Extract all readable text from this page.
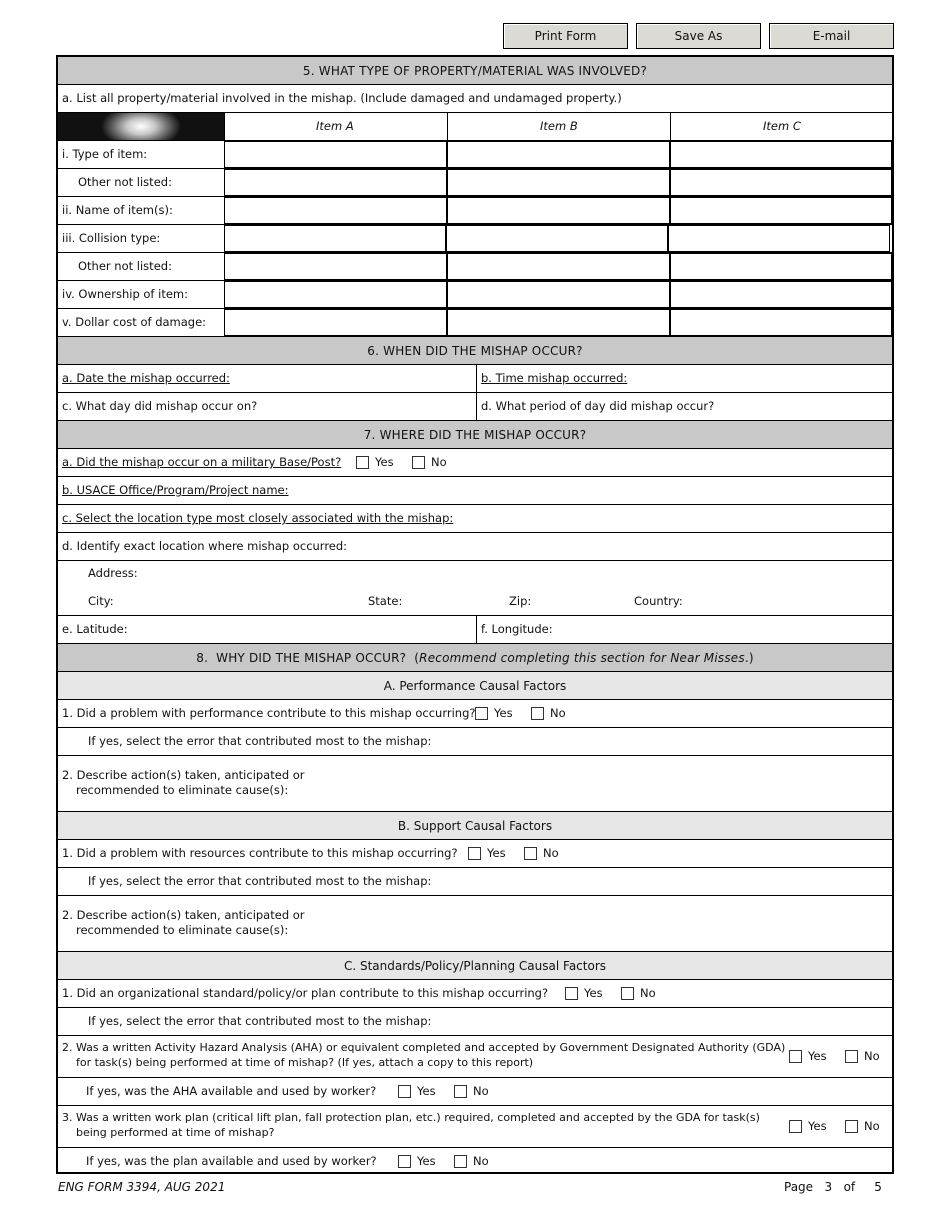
Print Form	Save As	E-mail
5. WHAT TYPE OF PROPERTY/MATERIAL WAS INVOLVED?
a. List all property/material involved in the mishap. (Include damaged and undamaged property.)
Item A	Item B	Item C
i. Type of item:
Other not listed:
ii. Name of item(s):
iii. Collision type:
Other not listed:
iv. Ownership of item:
v. Dollar cost of damage:
6. WHEN DID THE MISHAP OCCUR?
a. Date the mishap occurred:	b. Time mishap occurred:
c. What day did mishap occur on?	d. What period of day did mishap occur?
7. WHERE DID THE MISHAP OCCUR?
a. Did the mishap occur on a military Base/Post?	Yes	No
b. USACE Office/Program/Project name:
c. Select the location type most closely associated with the mishap:
d. Identify exact location where mishap occurred:
Address:
City:	State:	Zip:	Country:
e. Latitude:	f. Longitude:
8.  WHY DID THE MISHAP OCCUR?  ( Recommend completing this section for Near Misses .)
A. Performance Causal Factors
1. Did a problem with performance contribute to this mishap occurring? Yes	No
If yes, select the error that contributed most to the mishap:
2. Describe action(s) taken, anticipated or
recommended to eliminate cause(s):
B. Support Causal Factors
1. Did a problem with resources contribute to this mishap occurring?	Yes	No
If yes, select the error that contributed most to the mishap:
2. Describe action(s) taken, anticipated or
recommended to eliminate cause(s):
C. Standards/Policy/Planning Causal Factors
1. Did an organizational standard/policy/or plan contribute to this mishap occurring?	Yes	No
If yes, select the error that contributed most to the mishap:
2. Was a written Activity Hazard Analysis (AHA) or equivalent completed and accepted by Government Designated Authority (GDA)
for task(s) being performed at time of mishap? (If yes, attach a copy to this report)	Yes	No
If yes, was the AHA available and used by worker?	Yes	No
3. Was a written work plan (critical lift plan, fall protection plan, etc.) required, completed and accepted by the GDA for task(s)
being performed at time of mishap?	Yes	No
If yes, was the plan available and used by worker?	Yes	No
ENG FORM 3394, AUG 2021	Page   3   of     5
